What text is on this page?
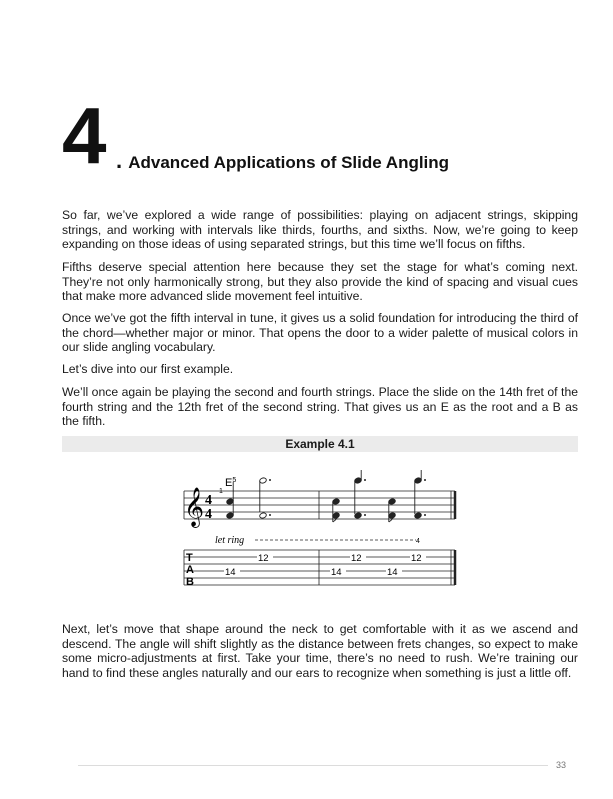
4 . Advanced Applications of Slide Angling

So far, we’ve explored a wide range of possibilities: playing on adjacent strings, skipping strings, and working with intervals like thirds, fourths, and sixths. Now, we’re going to keep expanding on those ideas of using separated strings, but this time we’ll focus on fifths.

Fifths deserve special attention here because they set the stage for what’s coming next. They’re not only harmonically strong, but they also provide the kind of spacing and visual cues that make more advanced slide movement feel intuitive.

Once we’ve got the fifth interval in tune, it gives us a solid foundation for introducing the third of the chord—whether major or minor. That opens the door to a wider palette of musical colors in our slide angling vocabulary.

Let’s dive into our first example.

We’ll once again be playing the second and fourth strings. Place the slide on the 14th fret of the fourth string and the 12th fret of the second string. That gives us an E as the root and a B as the fifth.

Example 4.1
𝄞 4
4
1
$E^5$
let ring	4
T
A
B
12
14
12
14
12
14

Next, let’s move that shape around the neck to get comfortable with it as we ascend and descend. The angle will shift slightly as the distance between frets changes, so expect to make some micro-adjustments at first. Take your time, there’s no need to rush. We’re training our hand to find these angles naturally and our ears to recognize when something is just a little off.

33
